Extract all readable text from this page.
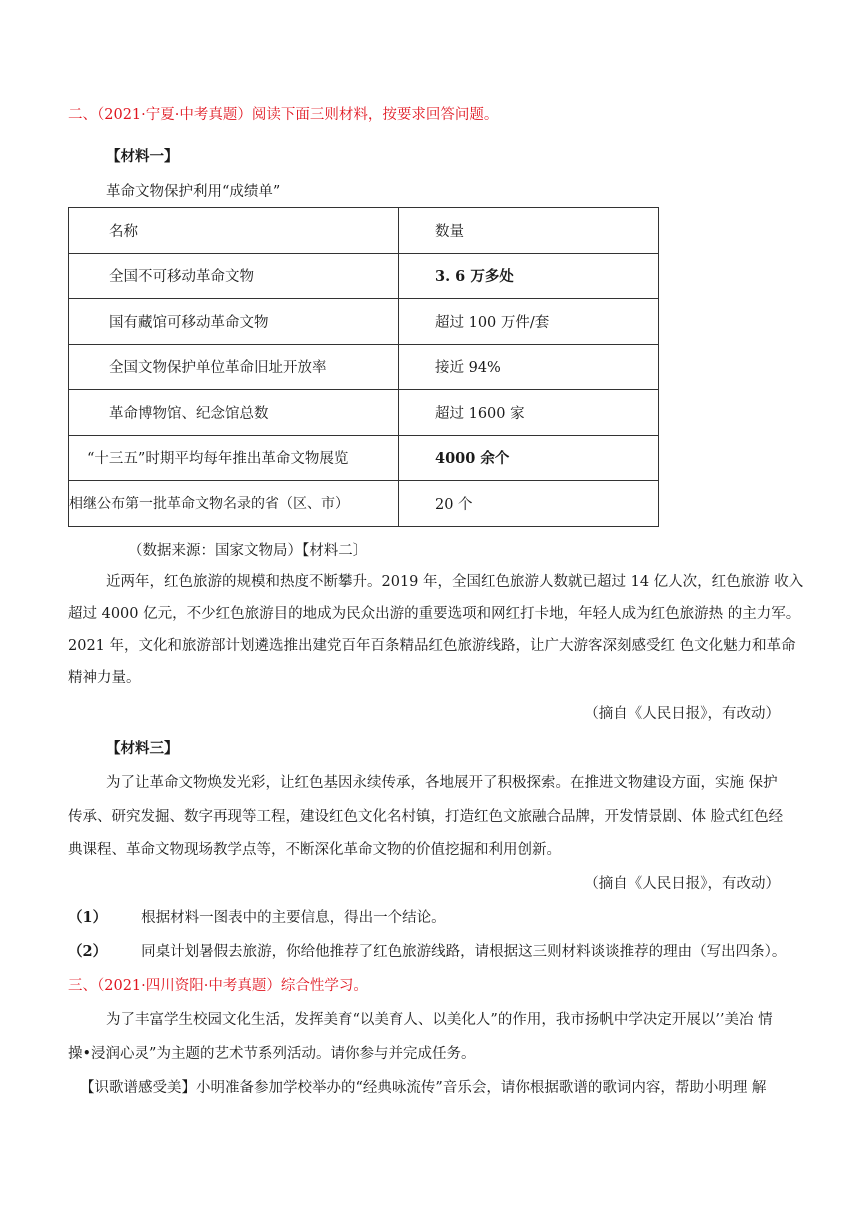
二、（2021·宁夏·中考真题）阅读下面三则材料，按要求回答问题。
【材料一】
革命文物保护利用“成绩单”
名称	数量
全国不可移动革命文物	3. 6 万多处
国有藏馆可移动革命文物	超过 100 万件/套
全国文物保护单位革命旧址开放率	接近 94%
革命博物馆、纪念馆总数	超过 1600 家
“十三五”时期平均每年推出革命文物展览	4000 余个
相继公布第一批革命文物名录的省（区、市）	20 个
（数据来源：国家文物局）【材料二〕
近两年，红色旅游的规模和热度不断攀升。2019 年，全国红色旅游人数就已超过 14 亿人次，红色旅游 收入
超过 4000 亿元，不少红色旅游目的地成为民众出游的重要选项和网红打卡地，年轻人成为红色旅游热 的主力军。
2021 年，文化和旅游部计划遴选推出建党百年百条精品红色旅游线路，让广大游客深刻感受红 色文化魅力和革命
精神力量。
（摘自《人民日报》，有改动）
【材料三】
为了让革命文物焕发光彩，让红色基因永续传承，各地展开了积极探索。在推进文物建设方面，实施 保护
传承、研究发掘、数字再现等工程，建设红色文化名村镇，打造红色文旅融合品牌，开发情景剧、体 脸式红色经
典课程、革命文物现场教学点等，不断深化革命文物的价值挖掘和利用创新。
（摘自《人民日报》，有改动）
（1） 根据材料一图表中的主要信息，得出一个结论。
（2） 同桌计划暑假去旅游，你给他推荐了红色旅游线路，请根据这三则材料谈谈推荐的理由（写出四条）。
三、（2021·四川资阳·中考真题）综合性学习。
为了丰富学生校园文化生活，发挥美育“以美育人、以美化人”的作用，我市扬帆中学决定开展以’’美冶 情
操•浸润心灵”为主题的艺术节系列活动。请你参与并完成任务。
【识歌谱感受美】小明准备参加学校举办的“经典咏流传”音乐会，请你根据歌谱的歌词内容，帮助小明理 解
